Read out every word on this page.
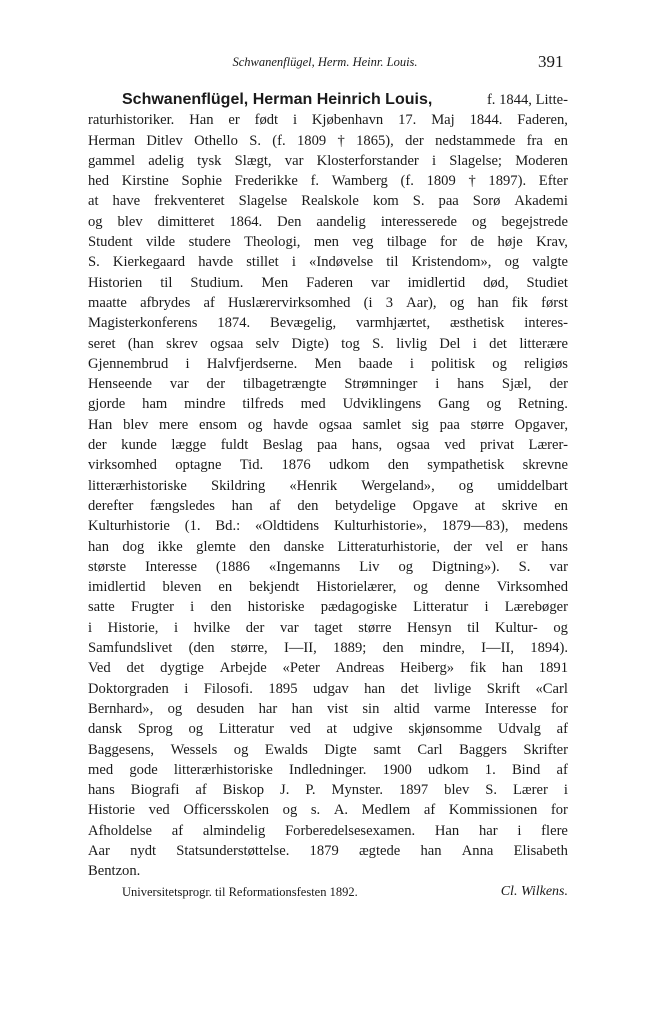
Schwanenflügel, Herm. Heinr. Louis.	391
Schwanenflügel, Herman Heinrich Louis,	f. 1844, Litte-
raturhistoriker. Han er født i Kjøbenhavn 17. Maj 1844. Faderen,
Herman Ditlev Othello S. (f. 1809 † 1865), der nedstammede fra en
gammel adelig tysk Slægt, var Klosterforstander i Slagelse; Moderen
hed Kirstine Sophie Frederikke f. Wamberg (f. 1809 † 1897). Efter
at have frekventeret Slagelse Realskole kom S. paa Sorø Akademi
og blev dimitteret 1864. Den aandelig interesserede og begejstrede
Student vilde studere Theologi, men veg tilbage for de høje Krav,
S. Kierkegaard havde stillet i «Indøvelse til Kristendom», og valgte
Historien til Studium. Men Faderen var imidlertid død, Studiet
maatte afbrydes af Huslærervirksomhed (i 3 Aar), og han fik først
Magisterkonferens 1874. Bevægelig, varmhjærtet, æsthetisk interes-
seret (han skrev ogsaa selv Digte) tog S. livlig Del i det litterære
Gjennembrud i Halvfjerdserne. Men baade i politisk og religiøs
Henseende var der tilbagetrængte Strømninger i hans Sjæl, der
gjorde ham mindre tilfreds med Udviklingens Gang og Retning.
Han blev mere ensom og havde ogsaa samlet sig paa større Opgaver,
der kunde lægge fuldt Beslag paa hans, ogsaa ved privat Lærer-
virksomhed optagne Tid. 1876 udkom den sympathetisk skrevne
litterærhistoriske Skildring «Henrik Wergeland», og umiddelbart
derefter fængsledes han af den betydelige Opgave at skrive en
Kulturhistorie (1. Bd.: «Oldtidens Kulturhistorie», 1879—83), medens
han dog ikke glemte den danske Litteraturhistorie, der vel er hans
største Interesse (1886 «Ingemanns Liv og Digtning»). S. var
imidlertid bleven en bekjendt Historielærer, og denne Virksomhed
satte Frugter i den historiske pædagogiske Litteratur i Lærebøger
i Historie, i hvilke der var taget større Hensyn til Kultur- og
Samfundslivet (den større, I—II, 1889; den mindre, I—II, 1894).
Ved det dygtige Arbejde «Peter Andreas Heiberg» fik han 1891
Doktorgraden i Filosofi. 1895 udgav han det livlige Skrift «Carl
Bernhard», og desuden har han vist sin altid varme Interesse for
dansk Sprog og Litteratur ved at udgive skjønsomme Udvalg af
Baggesens, Wessels og Ewalds Digte samt Carl Baggers Skrifter
med gode litterærhistoriske Indledninger. 1900 udkom 1. Bind af
hans Biografi af Biskop J. P. Mynster. 1897 blev S. Lærer i
Historie ved Officersskolen og s. A. Medlem af Kommissionen for
Afholdelse af almindelig Forberedelsesexamen. Han har i flere
Aar nydt Statsunderstøttelse. 1879 ægtede han Anna Elisabeth
Bentzon.
Universitetsprogr. til Reformationsfesten 1892.	Cl. Wilkens.
